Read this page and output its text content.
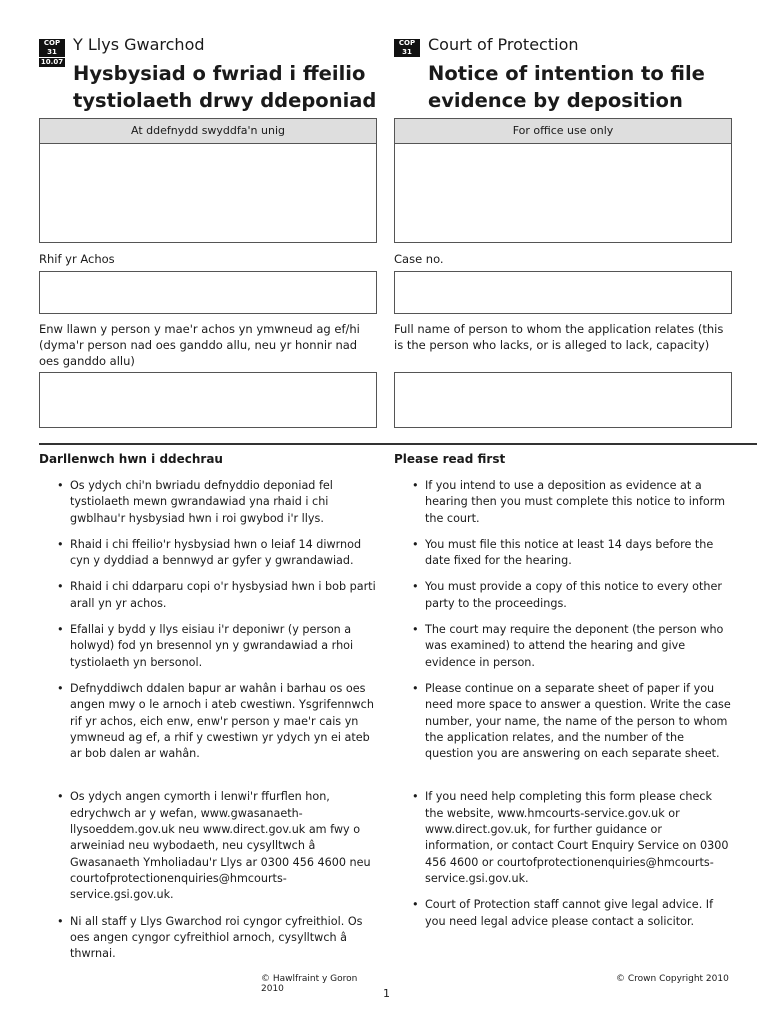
COP
31
10.07
Y Llys Gwarchod
Hysbysiad o fwriad i ffeilio
tystiolaeth drwy ddeponiad
At ddefnydd swyddfa'n unig
Rhif yr Achos
Enw llawn y person y mae'r achos yn ymwneud ag ef/hi (dyma'r person nad oes ganddo allu, neu yr honnir nad oes ganddo allu)
Darllenwch hwn i ddechrau
• Os ydych chi'n bwriadu defnyddio deponiad fel tystiolaeth mewn gwrandawiad yna rhaid i chi gwblhau'r hysbysiad hwn i roi gwybod i'r llys.
• Rhaid i chi ffeilio'r hysbysiad hwn o leiaf 14 diwrnod cyn y dyddiad a bennwyd ar gyfer y gwrandawiad.
• Rhaid i chi ddarparu copi o'r hysbysiad hwn i bob parti arall yn yr achos.
• Efallai y bydd y llys eisiau i'r deponiwr (y person a holwyd) fod yn bresennol yn y gwrandawiad a rhoi tystiolaeth yn bersonol.
• Defnyddiwch ddalen bapur ar wahân i barhau os oes angen mwy o le arnoch i ateb cwestiwn. Ysgrifennwch rif yr achos, eich enw, enw'r person y mae'r cais yn ymwneud ag ef, a rhif y cwestiwn yr ydych yn ei ateb ar bob dalen ar wahân.
• Os ydych angen cymorth i lenwi'r ffurflen hon, edrychwch ar y wefan, www.gwasanaeth-llysoeddem.gov.uk neu www.direct.gov.uk am fwy o arweiniad neu wybodaeth, neu cysylltwch â Gwasanaeth Ymholiadau'r Llys ar 0300 456 4600 neu courtofprotectionenquiries@hmcourts-service.gsi.gov.uk.
• Ni all staff y Llys Gwarchod roi cyngor cyfreithiol. Os oes angen cyngor cyfreithiol arnoch, cysylltwch â thwrnai.
© Hawlfraint y Goron 2010
COP
31	Court of Protection
Notice of intention to file
evidence by deposition
For office use only
Case no.
Full name of person to whom the application relates (this is the person who lacks, or is alleged to lack, capacity)
Please read first
• If you intend to use a deposition as evidence at a hearing then you must complete this notice to inform the court.
• You must file this notice at least 14 days before the date fixed for the hearing.
• You must provide a copy of this notice to every other party to the proceedings.
• The court may require the deponent (the person who was examined) to attend the hearing and give evidence in person.
• Please continue on a separate sheet of paper if you need more space to answer a question. Write the case number, your name, the name of the person to whom the application relates, and the number of the question you are answering on each separate sheet.
• If you need help completing this form please check the website, www.hmcourts-service.gov.uk or www.direct.gov.uk, for further guidance or information, or contact Court Enquiry Service on 0300 456 4600 or courtofprotectionenquiries@hmcourts-service.gsi.gov.uk.
• Court of Protection staff cannot give legal advice. If you need legal advice please contact a solicitor.
© Crown Copyright 2010
1
